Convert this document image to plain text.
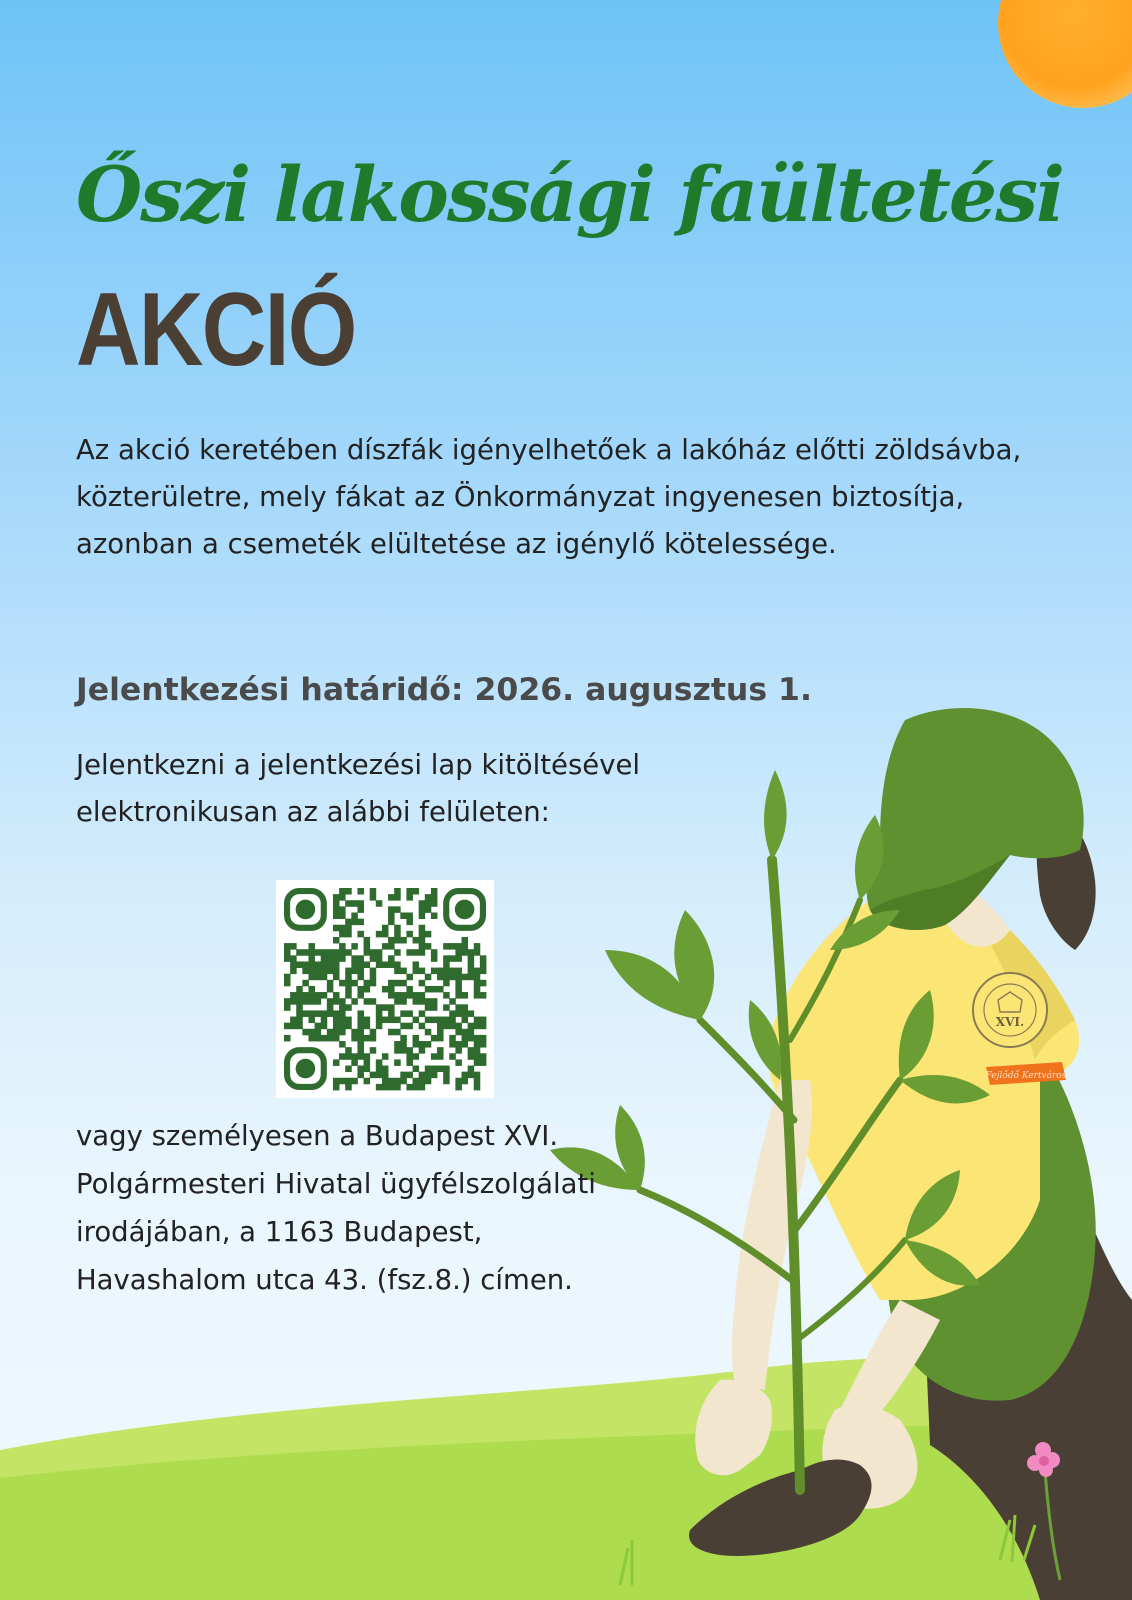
Őszi lakossági faültetési
AKCIÓ

Az akció keretében díszfák igényelhetőek a lakóház előtti zöldsávba, közterületre, mely fákat az Önkormányzat ingyenesen biztosítja, azonban a csemeték elültetése az igénylő kötelessége.

Jelentkezési határidő: 2026. augusztus 1.

Jelentkezni a jelentkezési lap kitöltésével elektronikusan az alábbi felületen:

XVI.
Fejlődő Kertváros

vagy személyesen a Budapest XVI. Polgármesteri Hivatal ügyfélszolgálati irodájában, a 1163 Budapest, Havashalom utca 43. (fsz.8.) címen.
